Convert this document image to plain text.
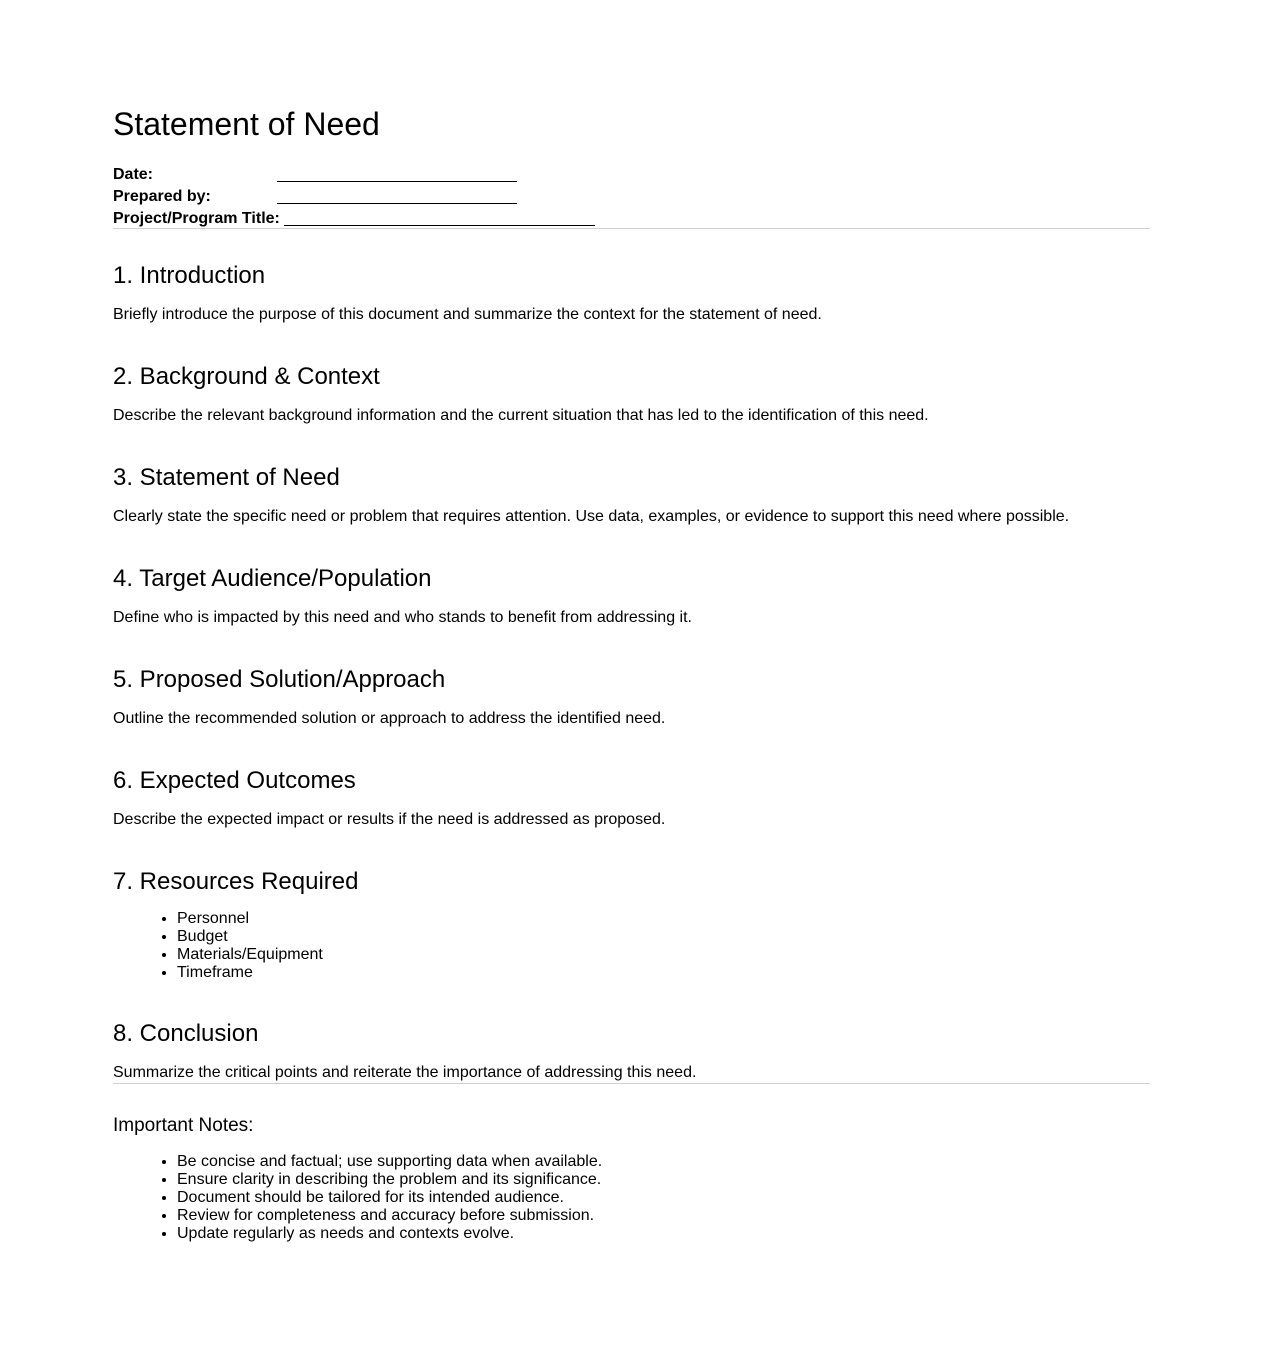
Statement of Need
Date:
Prepared by:
Project/Program Title:
1. Introduction

Briefly introduce the purpose of this document and summarize the context for the statement of need.

2. Background & Context

Describe the relevant background information and the current situation that has led to the identification of this need.

3. Statement of Need

Clearly state the specific need or problem that requires attention. Use data, examples, or evidence to support this need where possible.

4. Target Audience/Population

Define who is impacted by this need and who stands to benefit from addressing it.

5. Proposed Solution/Approach

Outline the recommended solution or approach to address the identified need.

6. Expected Outcomes

Describe the expected impact or results if the need is addressed as proposed.

7. Resources Required
• Personnel
• Budget
• Materials/Equipment
• Timeframe
8. Conclusion

Summarize the critical points and reiterate the importance of addressing this need.

Important Notes:
• Be concise and factual; use supporting data when available.
• Ensure clarity in describing the problem and its significance.
• Document should be tailored for its intended audience.
• Review for completeness and accuracy before submission.
• Update regularly as needs and contexts evolve.
